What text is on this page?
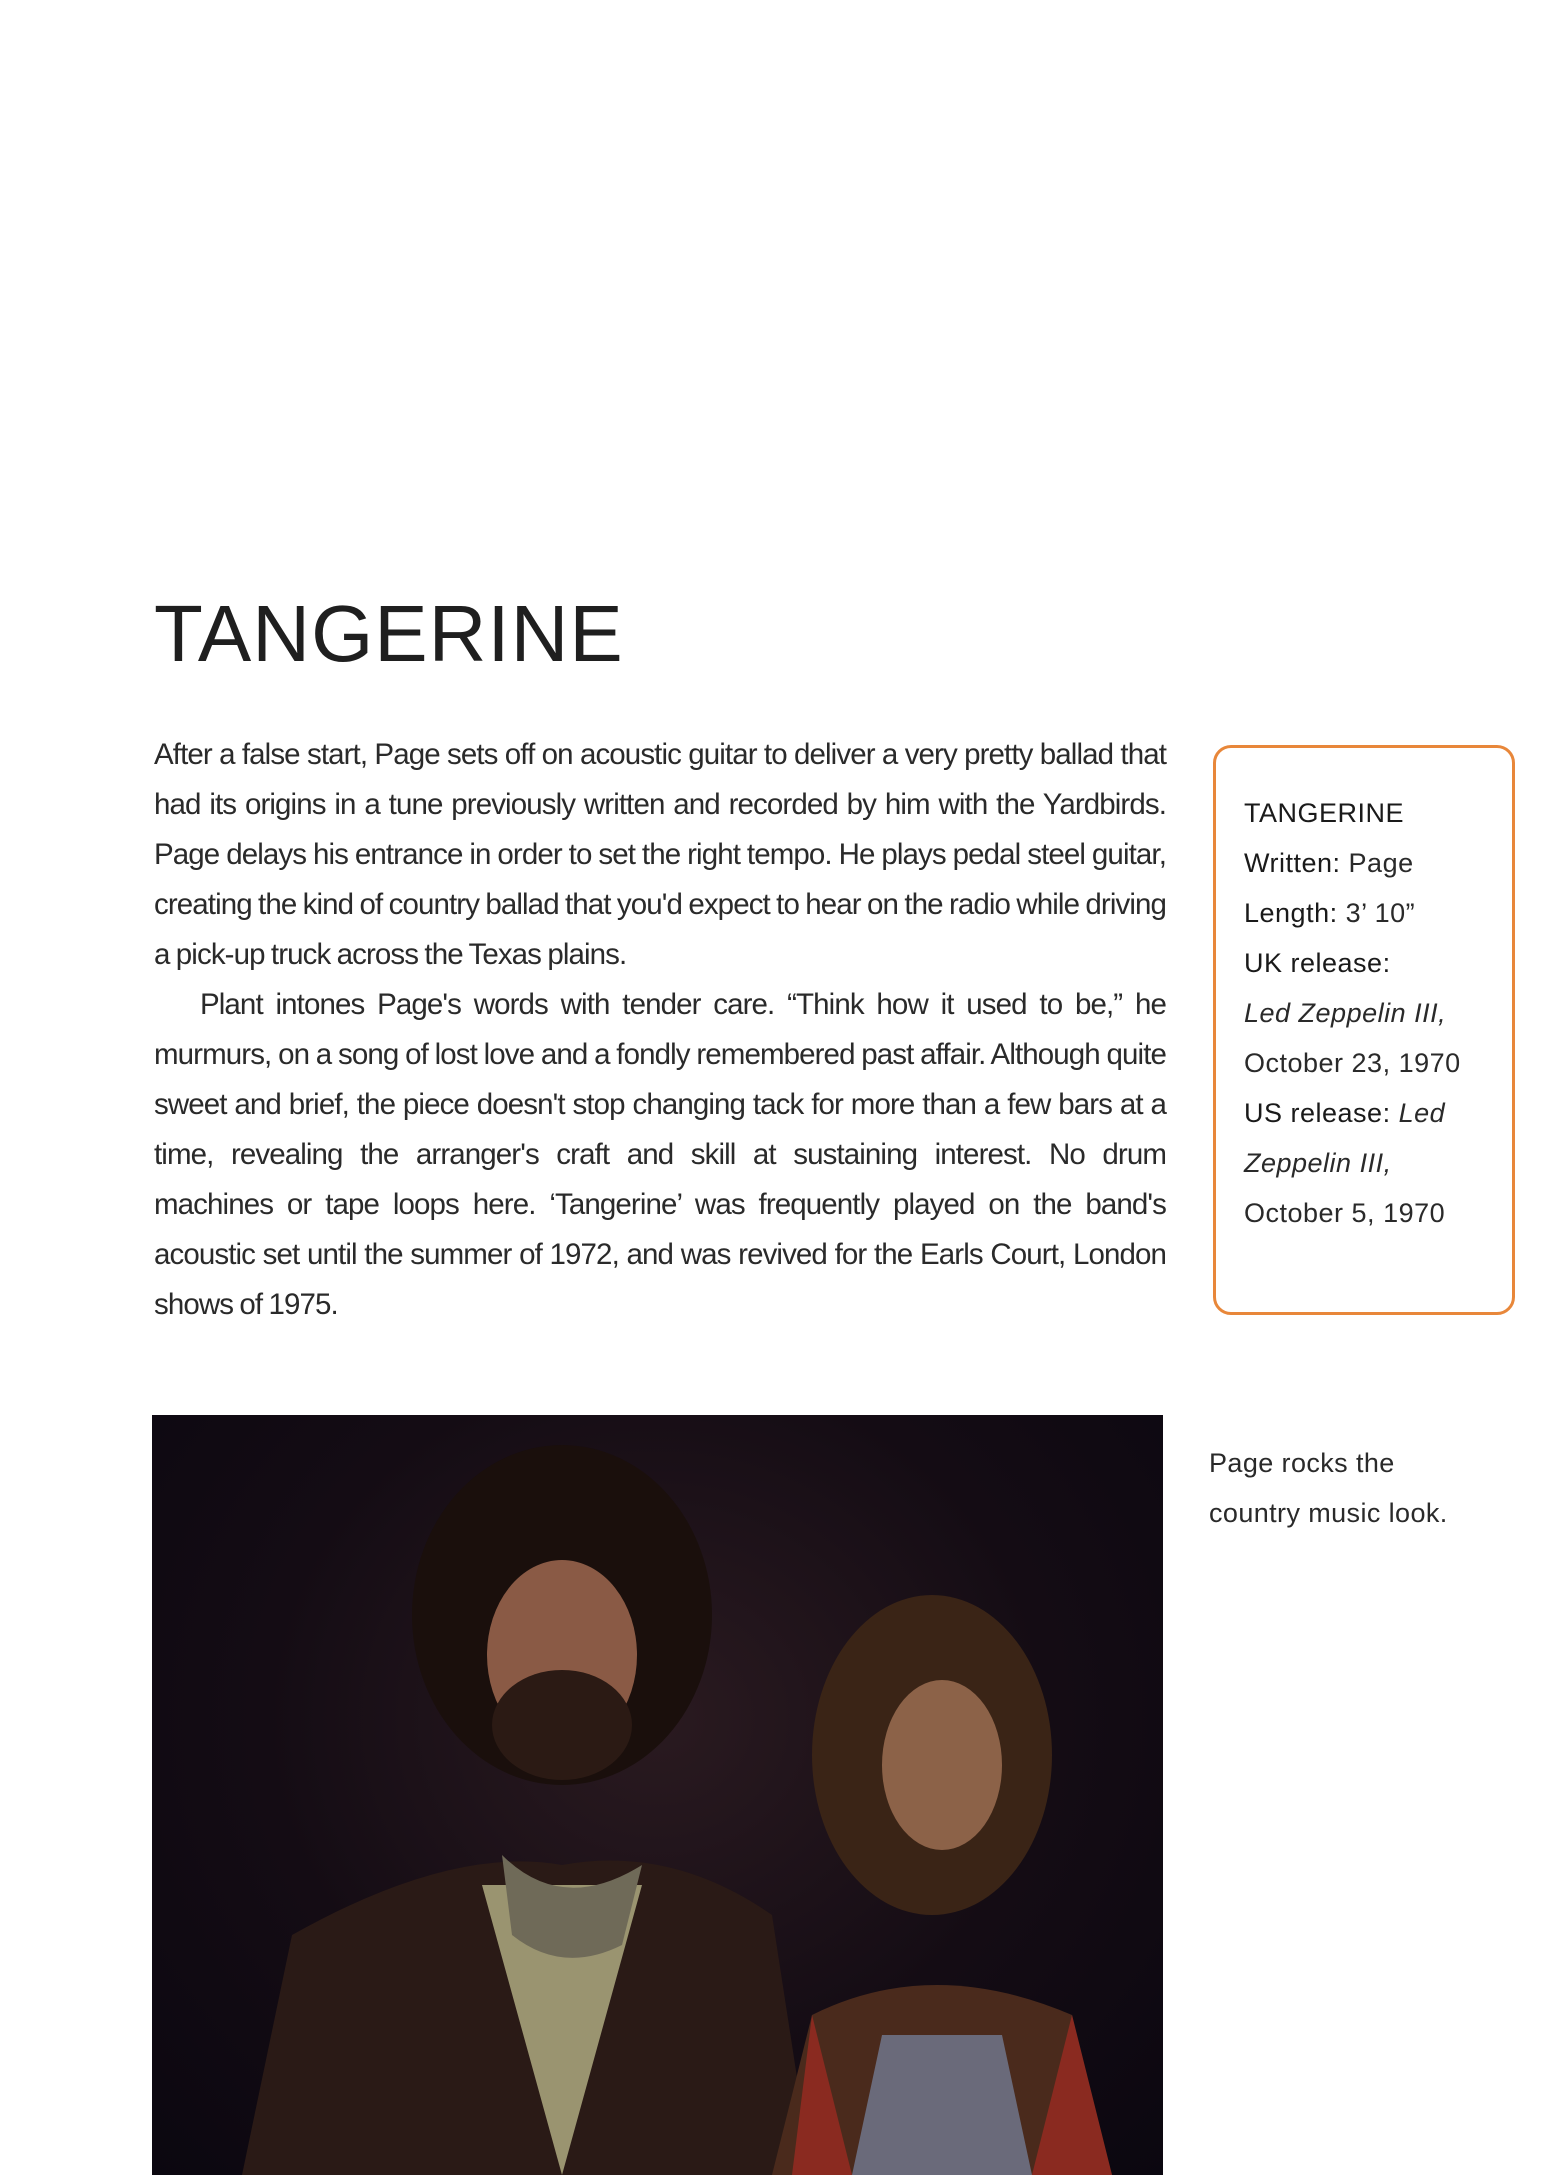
TANGERINE

After a false start, Page sets off on acoustic guitar to deliver a very pretty ballad that had its origins in a tune previously written and recorded by him with the Yardbirds. Page delays his entrance in order to set the right tempo. He plays pedal steel guitar, creating the kind of country ballad that you'd expect to hear on the radio while driving a pick-up truck across the Texas plains.

Plant intones Page's words with tender care. “Think how it used to be,” he murmurs, on a song of lost love and a fondly remembered past affair. Although quite sweet and brief, the piece doesn't stop changing tack for more than a few bars at a time, revealing the arranger's craft and skill at sustaining interest. No drum machines or tape loops here. ‘Tangerine’ was frequently played on the band's acoustic set until the summer of 1972, and was revived for the Earls Court, London shows of 1975.

TANGERINE
Written: Page
Length: 3’ 10”
UK release:
Led Zeppelin III,
October 23, 1970
US release: Led
Zeppelin III,
October 5, 1970
Page rocks the
country music look.
